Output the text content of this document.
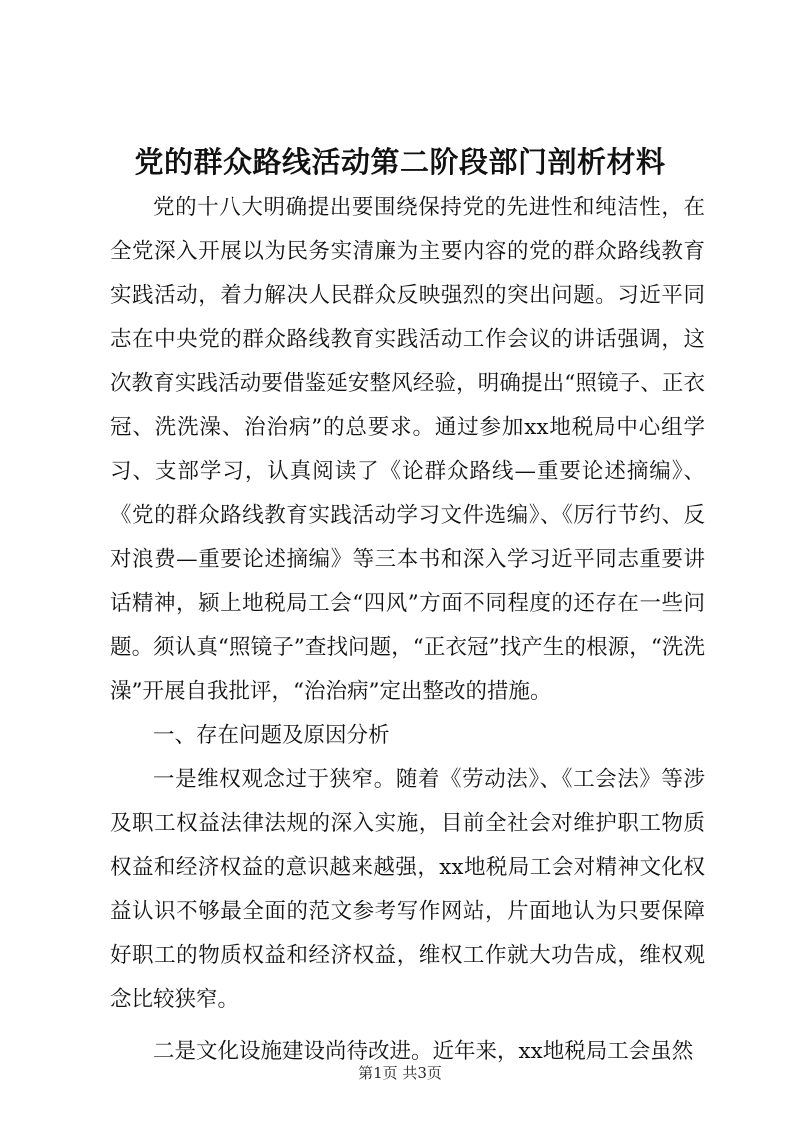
党的群众路线活动第二阶段部门剖析材料

党的十八大明确提出要围绕保持党的先进性和纯洁性，在全党深入开展以为民务实清廉为主要内容的党的群众路线教育实践活动，着力解决人民群众反映强烈的突出问题。习近平同志在中央党的群众路线教育实践活动工作会议的讲话强调，这次教育实践活动要借鉴延安整风经验，明确提出“照镜子、正衣冠、洗洗澡、治治病”的总要求。通过参加xx地税局中心组学习、支部学习，认真阅读了《论群众路线—重要论述摘编》、《党的群众路线教育实践活动学习文件选编》、《厉行节约、反对浪费—重要论述摘编》等三本书和深入学习近平同志重要讲话精神，颍上地税局工会“四风”方面不同程度的还存在一些问题。须认真“照镜子”查找问题，“正衣冠”找产生的根源，“洗洗澡”开展自我批评，“治治病”定出整改的措施。

一、存在问题及原因分析

一是维权观念过于狭窄。随着《劳动法》、《工会法》等涉及职工权益法律法规的深入实施，目前全社会对维护职工物质权益和经济权益的意识越来越强，xx地税局工会对精神文化权益认识不够最全面的范文参考写作网站，片面地认为只要保障好职工的物质权益和经济权益，维权工作就大功告成，维权观念比较狭窄。

二是文化设施建设尚待改进。近年来，xx地税局工会虽然

第1页 共3页
